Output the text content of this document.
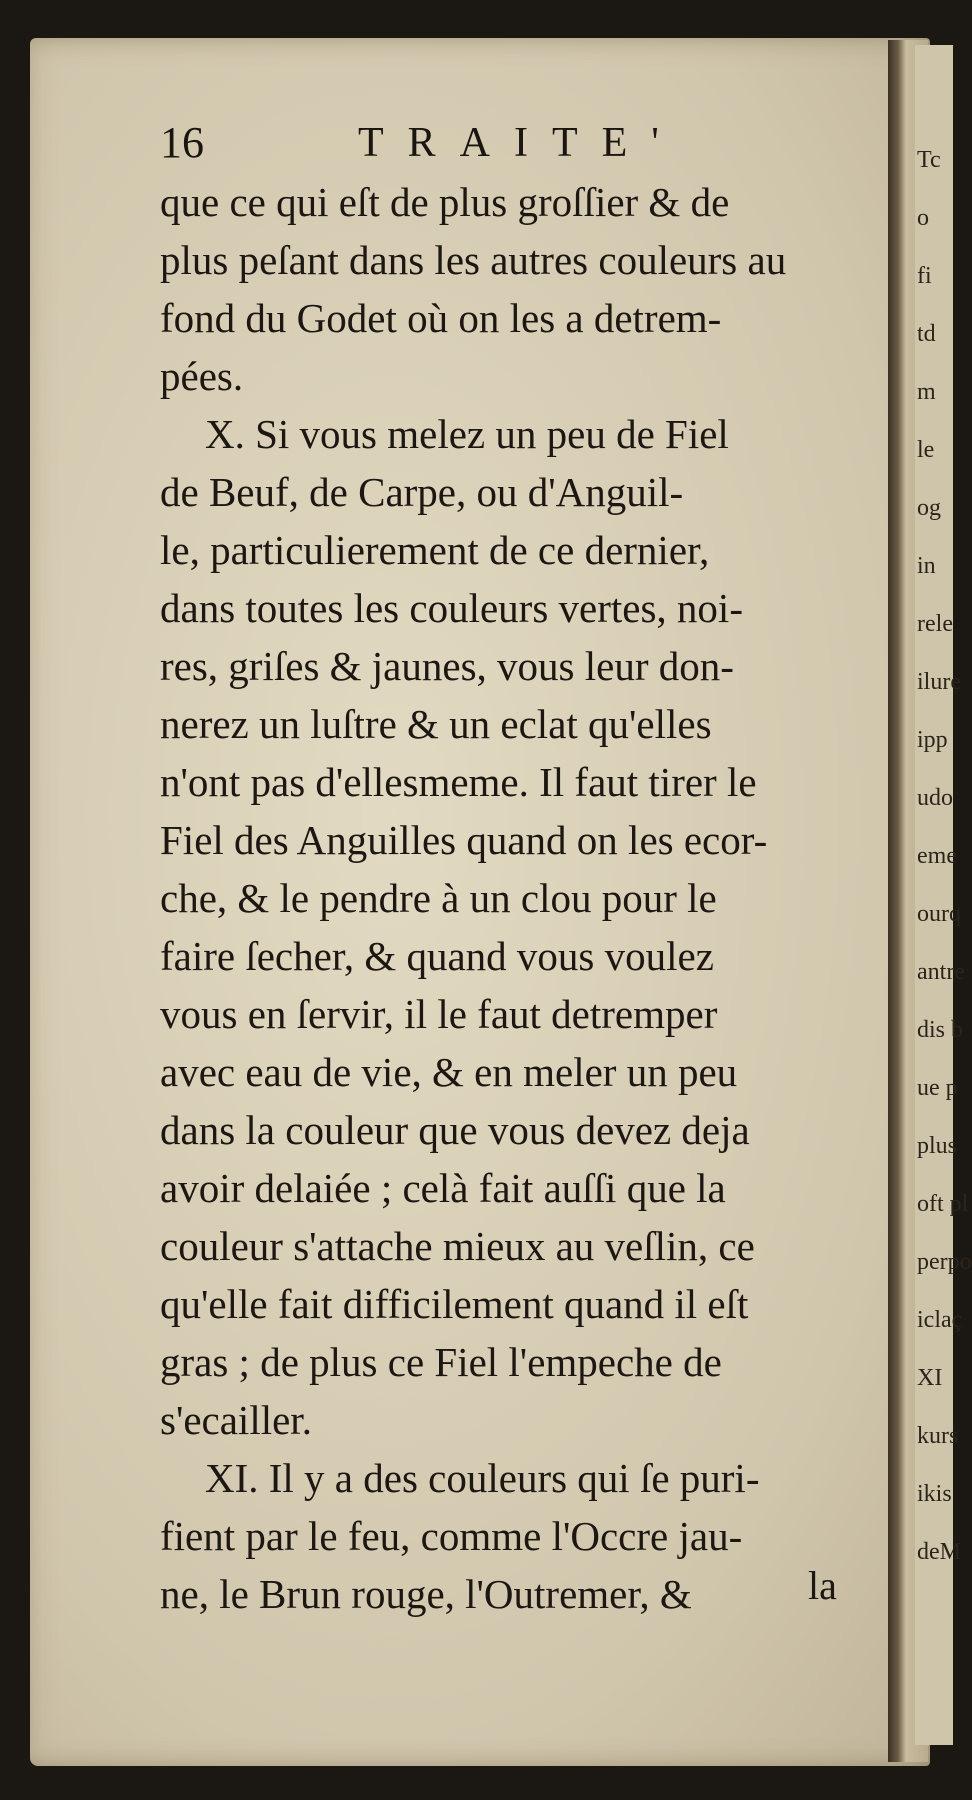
Tc
o
fi
td
m
le
og
in
rele
ilure
ipp
udo
eme
ourq
antre
dis b
ue p
plus
oft pl
perpo
iclaç
XI
kurs
ikis
deM
16	TRAITE'
que ce qui eſt de plus groſſier & de
plus peſant dans les autres couleurs au
fond du Godet où on les a detrem-
pées.
X. Si vous melez un peu de Fiel
de Beuf, de Carpe, ou d'Anguil-
le, particulierement de ce dernier,
dans toutes les couleurs vertes, noi-
res, griſes & jaunes, vous leur don-
nerez un luſtre & un eclat qu'elles
n'ont pas d'ellesmeme. Il faut tirer le
Fiel des Anguilles quand on les ecor-
che, & le pendre à un clou pour le
faire ſecher, & quand vous voulez
vous en ſervir, il le faut detremper
avec eau de vie, & en meler un peu
dans la couleur que vous devez deja
avoir delaiée ; celà fait auſſi que la
couleur s'attache mieux au veſlin, ce
qu'elle fait difficilement quand il eſt
gras ; de plus ce Fiel l'empeche de
s'ecailler.
XI. Il y a des couleurs qui ſe puri-
fient par le feu, comme l'Occre jau-
ne, le Brun rouge, l'Outremer, &	la
